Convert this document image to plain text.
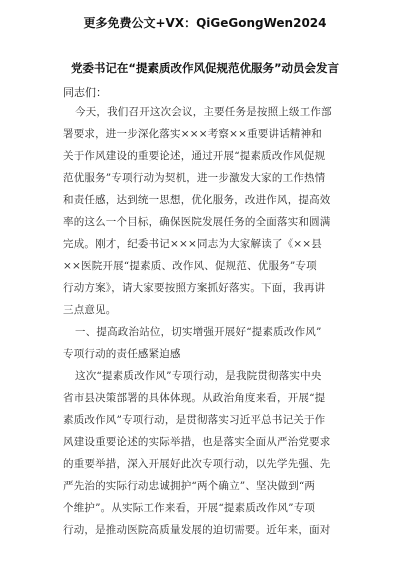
更多免费公文+VX：QiGeGongWen2024
党委书记在“提素质改作风促规范优服务”动员会发言
同志们：
今天，我们召开这次会议，主要任务是按照上级工作部
署要求，进一步深化落实×××考察××重要讲话精神和
关于作风建设的重要论述，通过开展“提素质改作风促规
范优服务”专项行动为契机，进一步激发大家的工作热情
和责任感，达到统一思想，优化服务，改进作风，提高效
率的这么一个目标，确保医院发展任务的全面落实和圆满
完成。刚才，纪委书记×××同志为大家解读了《××县
××医院开展“提素质、改作风、促规范、优服务”专项
行动方案》，请大家要按照方案抓好落实。下面，我再讲
三点意见。
一、提高政治站位，切实增强开展好“提素质改作风”
专项行动的责任感紧迫感
这次“提素质改作风”专项行动，是我院贯彻落实中央
省市县决策部署的具体体现。从政治角度来看，开展“提
素质改作风”专项行动，是贯彻落实习近平总书记关于作
风建设重要论述的实际举措，也是落实全面从严治党要求
的重要举措，深入开展好此次专项行动，以先学先强、先
严先治的实际行动忠诚拥护“两个确立”、坚决做到“两
个维护”。从实际工作来看，开展“提素质改作风”专项
行动，是推动医院高质量发展的迫切需要。近年来，面对
